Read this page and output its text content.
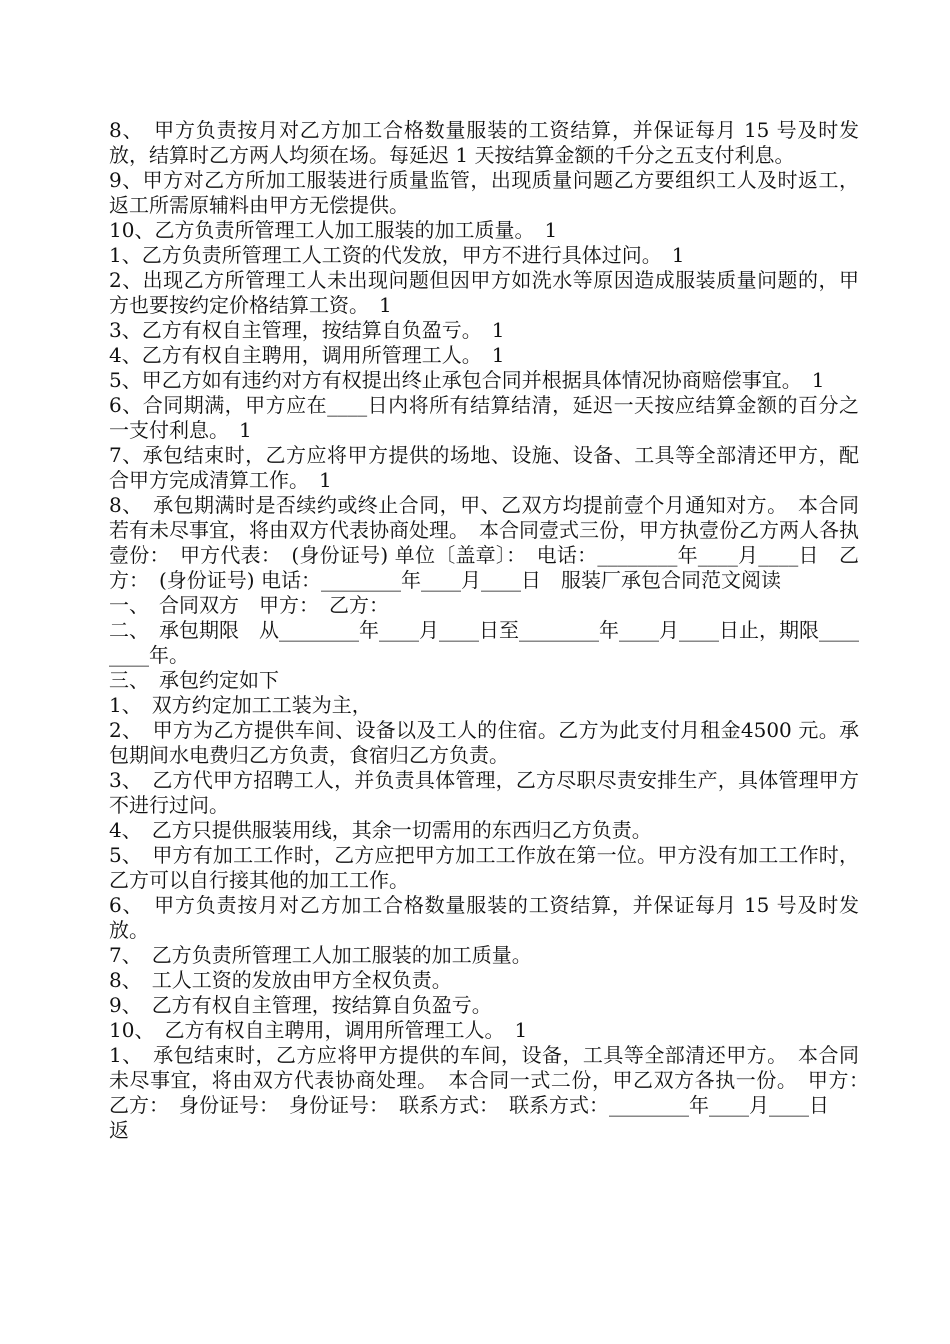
8、　甲方负责按月对乙方加工合格数量服装的工资结算，并保证每月 15 号及时发放，结算时乙方两人均须在场。每延迟 1 天按结算金额的千分之五支付利息。

9、甲方对乙方所加工服装进行质量监管，出现质量问题乙方要组织工人及时返工，返工所需原辅料由甲方无偿提供。

10、乙方负责所管理工人加工服装的加工质量。　1

1、乙方负责所管理工人工资的代发放，甲方不进行具体过问。　1

2、出现乙方所管理工人未出现问题但因甲方如洗水等原因造成服装质量问题的，甲方也要按约定价格结算工资。　1

3、乙方有权自主管理，按结算自负盈亏。　1

4、乙方有权自主聘用，调用所管理工人。　1

5、甲乙方如有违约对方有权提出终止承包合同并根据具体情况协商赔偿事宜。　1

6、合同期满，甲方应在____日内将所有结算结清，延迟一天按应结算金额的百分之一支付利息。　1

7、承包结束时，乙方应将甲方提供的场地、设施、设备、工具等全部清还甲方，配合甲方完成清算工作。　1

8、　承包期满时是否续约或终止合同，甲、乙双方均提前壹个月通知对方。　本合同若有未尽事宜，将由双方代表协商处理。　本合同壹式三份，甲方执壹份乙方两人各执壹份：　甲方代表：　(身份证号) 单位〔盖章〕：　电话：________年____月____日　乙方：　(身份证号) 电话：________年____月____日　服装厂承包合同范文阅读

一、　合同双方　甲方：　乙方：

二、　承包期限　从________年____月____日至________年____月____日止，期限________年。

三、　承包约定如下

1、　双方约定加工工装为主，

2、　甲方为乙方提供车间、设备以及工人的住宿。乙方为此支付月租金4500 元。承包期间水电费归乙方负责，食宿归乙方负责。

3、　乙方代甲方招聘工人，并负责具体管理，乙方尽职尽责安排生产，具体管理甲方不进行过问。

4、　乙方只提供服装用线，其余一切需用的东西归乙方负责。

5、　甲方有加工工作时，乙方应把甲方加工工作放在第一位。甲方没有加工工作时，乙方可以自行接其他的加工工作。

6、　甲方负责按月对乙方加工合格数量服装的工资结算，并保证每月 15 号及时发放。

7、　乙方负责所管理工人加工服装的加工质量。

8、　工人工资的发放由甲方全权负责。

9、　乙方有权自主管理，按结算自负盈亏。

10、　乙方有权自主聘用，调用所管理工人。　1

1、　承包结束时，乙方应将甲方提供的车间，设备，工具等全部清还甲方。　本合同未尽事宜，将由双方代表协商处理。　本合同一式二份，甲乙双方各执一份。　甲方：　乙方：　身份证号：　身份证号：　联系方式：　联系方式：________年____月____日

返
